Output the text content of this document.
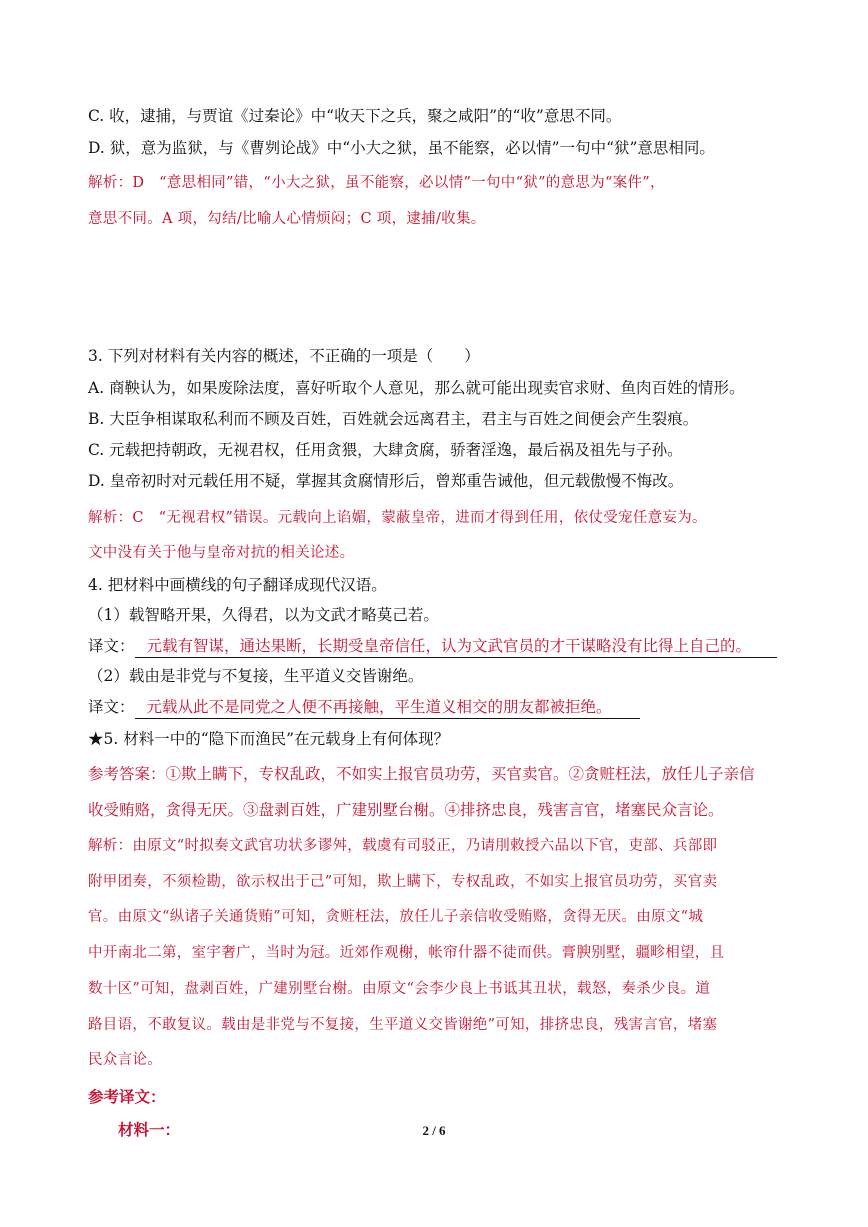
C. 收，逮捕，与贾谊《过秦论》中“收天下之兵，聚之咸阳”的“收”意思不同。
D. 狱，意为监狱，与《曹刿论战》中“小大之狱，虽不能察，必以情”一句中“狱”意思相同。
解析：D　“意思相同”错，“小大之狱，虽不能察，必以情”一句中“狱”的意思为“案件”，
意思不同。A 项，勾结/比喻人心情烦闷；C 项，逮捕/收集。
3. 下列对材料有关内容的概述，不正确的一项是（　　）
A. 商鞅认为，如果废除法度，喜好听取个人意见，那么就可能出现卖官求财、鱼肉百姓的情形。
B. 大臣争相谋取私利而不顾及百姓，百姓就会远离君主，君主与百姓之间便会产生裂痕。
C. 元载把持朝政，无视君权，任用贪猥，大肆贪腐，骄奢淫逸，最后祸及祖先与子孙。
D. 皇帝初时对元载任用不疑，掌握其贪腐情形后，曾郑重告诫他，但元载傲慢不悔改。
解析：C　“无视君权”错误。元载向上谄媚，蒙蔽皇帝，进而才得到任用，依仗受宠任意妄为。
文中没有关于他与皇帝对抗的相关论述。
4. 把材料中画横线的句子翻译成现代汉语。
（1）载智略开果，久得君，以为文武才略莫己若。
译文： 元载有智谋，通达果断，长期受皇帝信任，认为文武官员的才干谋略没有比得上自己的。
（2）载由是非党与不复接，生平道义交皆谢绝。
译文： 元载从此不是同党之人便不再接触，平生道义相交的朋友都被拒绝。
★5. 材料一中的“隐下而渔民”在元载身上有何体现？
参考答案：①欺上瞒下，专权乱政，不如实上报官员功劳，买官卖官。②贪赃枉法，放任儿子亲信
收受贿赂，贪得无厌。③盘剥百姓，广建别墅台榭。④排挤忠良，残害言官，堵塞民众言论。
解析：由原文“时拟奏文武官功状多谬舛，载虞有司驳正，乃请刖敕授六品以下官，吏部、兵部即
附甲团奏，不须检勘，欲示权出于己”可知，欺上瞒下，专权乱政，不如实上报官员功劳，买官卖
官。由原文“纵诸子关通货贿”可知，贪赃枉法，放任儿子亲信收受贿赂，贪得无厌。由原文“城
中开南北二第，室宇奢广，当时为冠。近郊作观榭，帐帘什器不徒而供。膏腴别墅，疆畛相望，且
数十区”可知，盘剥百姓，广建别墅台榭。由原文“会李少良上书诋其丑状，载怒，奏杀少良。道
路目语，不敢复议。载由是非党与不复接，生平道义交皆谢绝”可知，排挤忠良，残害言官，堵塞
民众言论。
参考译文：
材料一：	2 / 6
